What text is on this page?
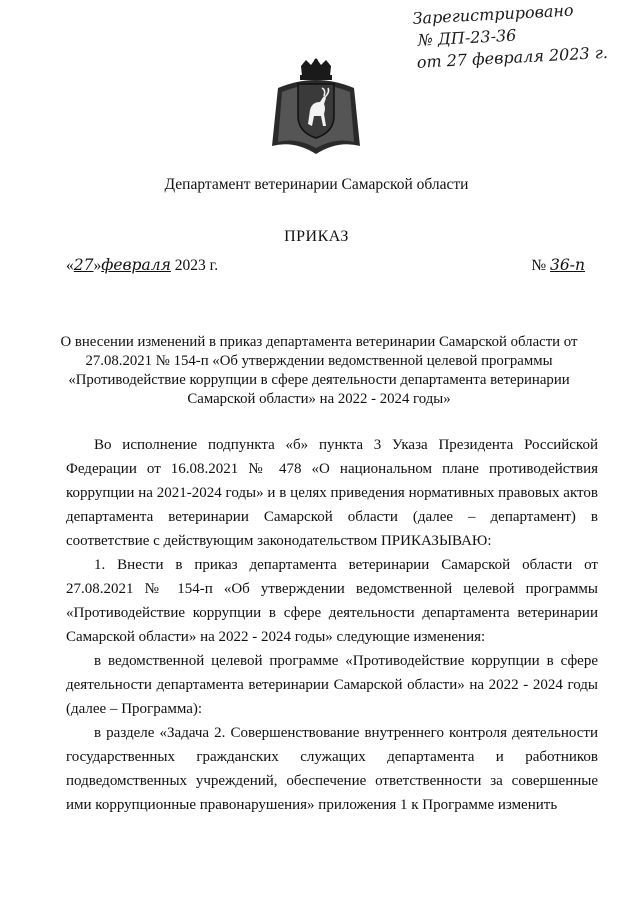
Зарегистрировано
№ ДП-23-36
от 27 февраля 2023 г.
Департамент ветеринарии Самарской области
ПРИКАЗ
«27»февраля 2023 г.	№ 36-п
О внесении изменений в приказ департамента ветеринарии Самарской области от 27.08.2021 № 154-п «Об утверждении ведомственной целевой программы «Противодействие коррупции в сфере деятельности департамента ветеринарии Самарской области» на 2022 - 2024 годы»

Во исполнение подпункта «б» пункта 3 Указа Президента Российской Федерации от 16.08.2021 № 478 «О национальном плане противодействия коррупции на 2021-2024 годы» и в целях приведения нормативных правовых актов департамента ветеринарии Самарской области (далее – департамент) в соответствие с действующим законодательством ПРИКАЗЫВАЮ:

1. Внести в приказ департамента ветеринарии Самарской области от 27.08.2021 № 154-п «Об утверждении ведомственной целевой программы «Противодействие коррупции в сфере деятельности департамента ветеринарии Самарской области» на 2022 - 2024 годы» следующие изменения:

в ведомственной целевой программе «Противодействие коррупции в сфере деятельности департамента ветеринарии Самарской области» на 2022 - 2024 годы (далее – Программа):

в разделе «Задача 2. Совершенствование внутреннего контроля деятельности государственных гражданских служащих департамента и работников подведомственных учреждений, обеспечение ответственности за совершенные ими коррупционные правонарушения» приложения 1 к Программе изменить
